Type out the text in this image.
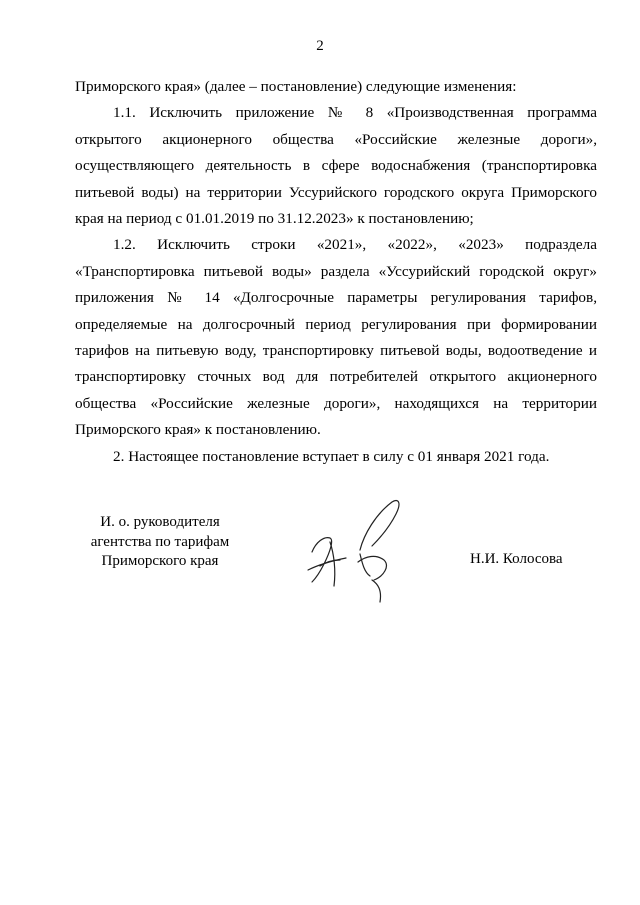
2

Приморского края» (далее – постановление) следующие изменения:

1.1. Исключить приложение № 8 «Производственная программа открытого акционерного общества «Российские железные дороги», осуществляющего деятельность в сфере водоснабжения (транспортировка питьевой воды) на территории Уссурийского городского округа Приморского края на период с 01.01.2019 по 31.12.2023» к постановлению;

1.2. Исключить строки «2021», «2022», «2023» подраздела «Транспортировка питьевой воды» раздела «Уссурийский городской округ» приложения № 14 «Долгосрочные параметры регулирования тарифов, определяемые на долгосрочный период регулирования при формировании тарифов на питьевую воду, транспортировку питьевой воды, водоотведение и транспортировку сточных вод для потребителей открытого акционерного общества «Российские железные дороги», находящихся на территории Приморского края» к постановлению.

2. Настоящее постановление вступает в силу с 01 января 2021 года.

И. о. руководителя
агентства по тарифам
Приморского края	Н.И. Колосова
